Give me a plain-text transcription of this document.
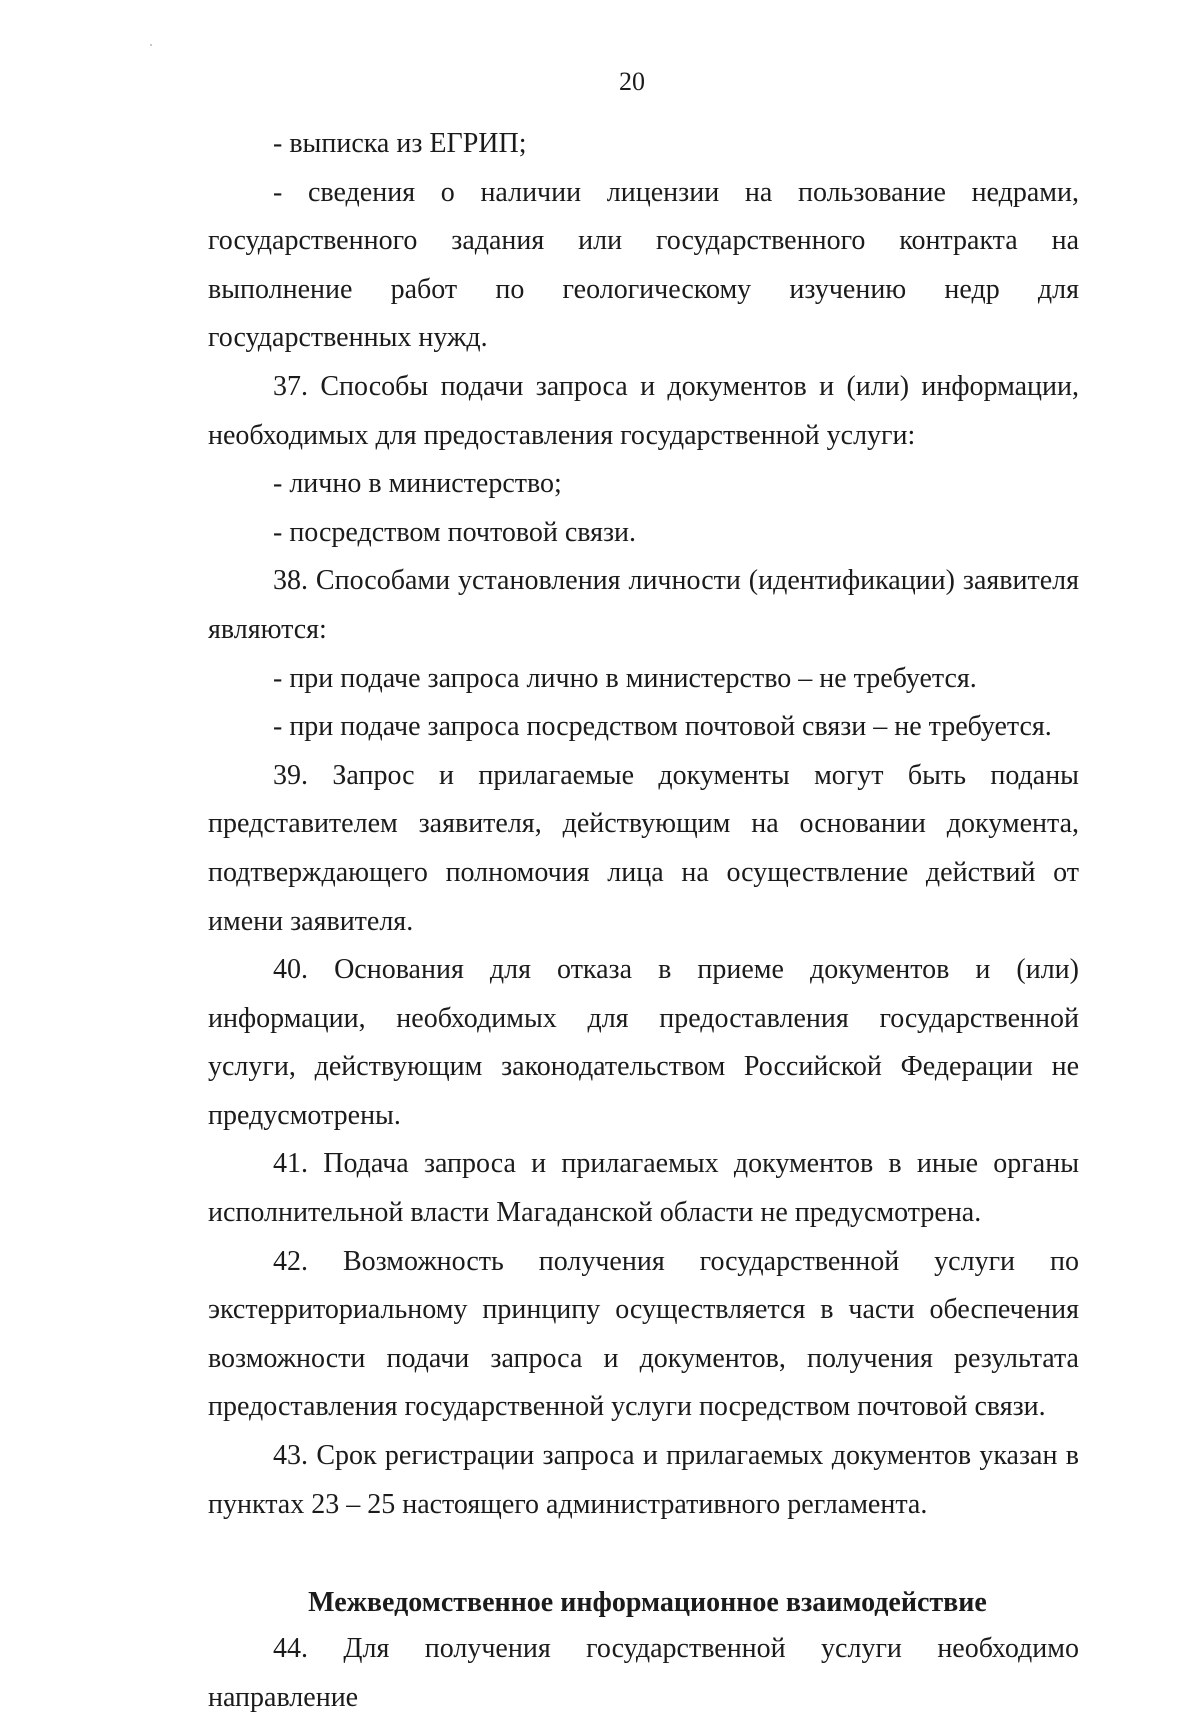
20

- выписка из ЕГРИП;

- сведения о наличии лицензии на пользование недрами, государственного задания или государственного контракта на выполнение работ по геологическому изучению недр для государственных нужд.

37. Способы подачи запроса и документов и (или) информации, необходимых для предоставления государственной услуги:

- лично в министерство;

- посредством почтовой связи.

38. Способами установления личности (идентификации) заявителя являются:

- при подаче запроса лично в министерство – не требуется.

- при подаче запроса посредством почтовой связи – не требуется.

39. Запрос и прилагаемые документы могут быть поданы представителем заявителя, действующим на основании документа, подтверждающего полномочия лица на осуществление действий от имени заявителя.

40. Основания для отказа в приеме документов и (или) информации, необходимых для предоставления государственной услуги, действующим законодательством Российской Федерации не предусмотрены.

41. Подача запроса и прилагаемых документов в иные органы исполнительной власти Магаданской области не предусмотрена.

42. Возможность получения государственной услуги по экстерриториальному принципу осуществляется в части обеспечения возможности подачи запроса и документов, получения результата предоставления государственной услуги посредством почтовой связи.

43. Срок регистрации запроса и прилагаемых документов указан в пунктах 23 – 25 настоящего административного регламента.

Межведомственное информационное взаимодействие

44. Для получения государственной услуги необходимо направление
